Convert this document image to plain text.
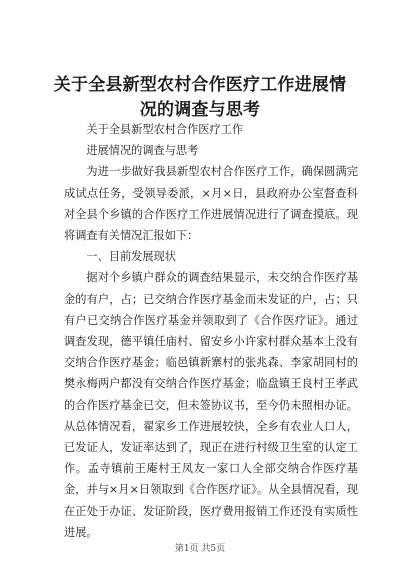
关于全县新型农村合作医疗工作进展情况的调查与思考

关于全县新型农村合作医疗工作

进展情况的调查与思考

为进一步做好我县新型农村合作医疗工作，确保圆满完成试点任务，受领导委派，×月×日，县政府办公室督查科对全县个乡镇的合作医疗工作进展情况进行了调查摸底。现将调查有关情况汇报如下：

一、目前发展现状

据对个乡镇户群众的调查结果显示，未交纳合作医疗基金的有户，占；已交纳合作医疗基金而未发证的户，占；只有户已交纳合作医疗基金并领取到了《合作医疗证》。通过调查发现，德平镇任庙村、留安乡小许家村群众基本上没有交纳合作医疗基金；临邑镇新寨村的张兆森、李家胡同村的樊永梅两户都没有交纳合作医疗基金；临盘镇王良村王孝武的合作医疗基金已交，但未签协议书，至今仍未照相办证。从总体情况看，翟家乡工作进展较快，全乡有农业人口人，已发证人，发证率达到了，现正在进行村级卫生室的认定工作。孟寺镇前王庵村王凤友一家口人全部交纳合作医疗基金，并与×月×日领取到《合作医疗证》。从全县情况看，现在正处于办证、发证阶段，医疗费用报销工作还没有实质性进展。

第1页 共5页
